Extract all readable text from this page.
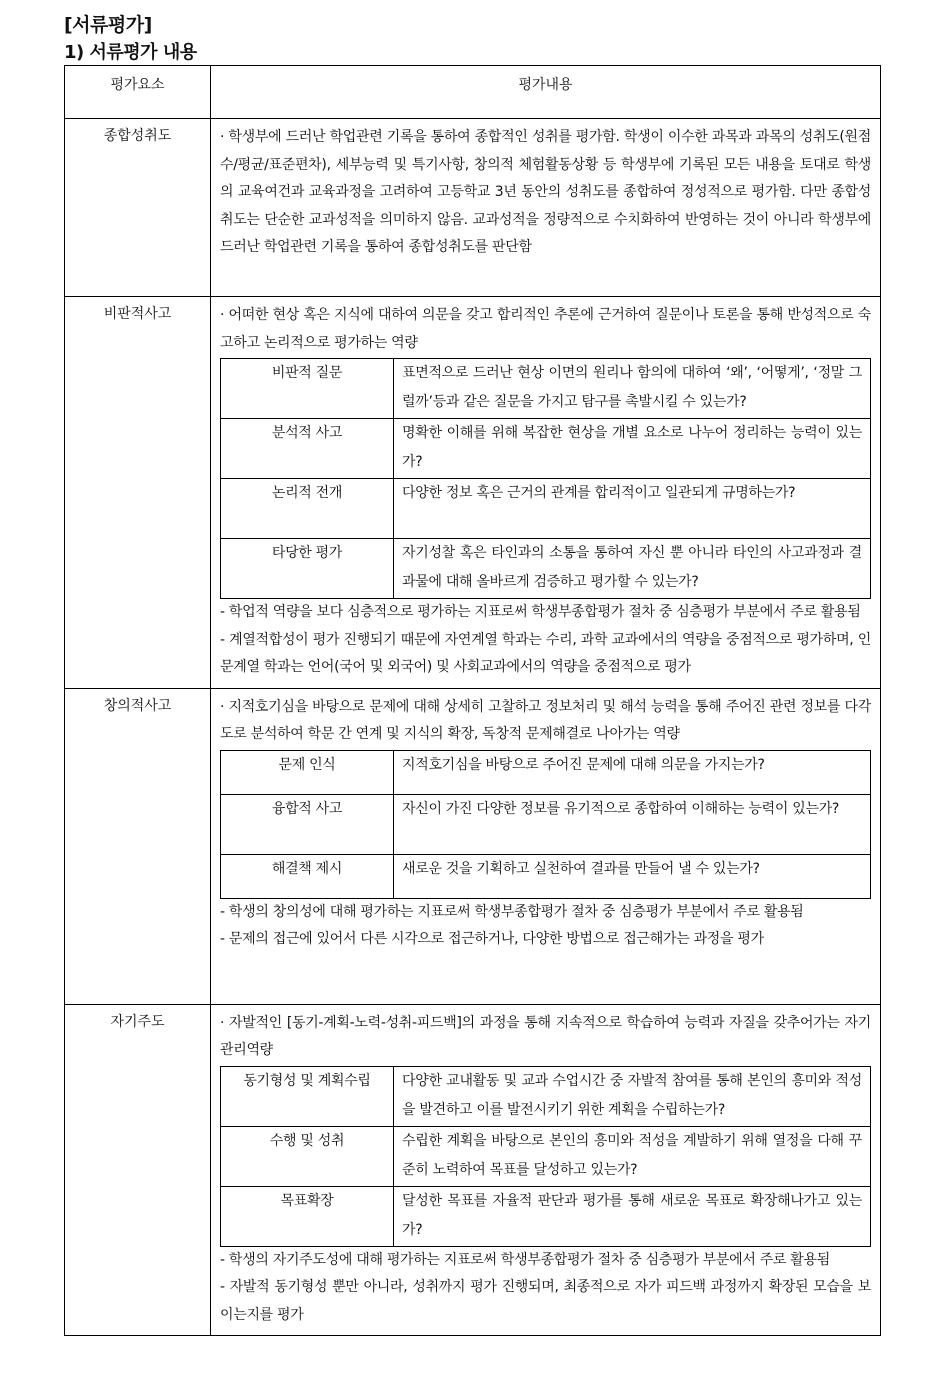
[서류평가]
1) 서류평가 내용
평가요소	평가내용
종합성취도	· 학생부에 드러난 학업관련 기록을 통하여 종합적인 성취를 평가함. 학생이 이수한 과목과 과목의 성취도(원점수/평균/표준편차), 세부능력 및 특기사항, 창의적 체험활동상황 등 학생부에 기록된 모든 내용을 토대로 학생의 교육여건과 교육과정을 고려하여 고등학교 3년 동안의 성취도를 종합하여 정성적으로 평가함. 다만 종합성취도는 단순한 교과성적을 의미하지 않음. 교과성적을 정량적으로 수치화하여 반영하는 것이 아니라 학생부에 드러난 학업관련 기록을 통하여 종합성취도를 판단함

비판적사고	· 어떠한 현상 혹은 지식에 대하여 의문을 갖고 합리적인 추론에 근거하여 질문이나 토론을 통해 반성적으로 숙고하고 논리적으로 평가하는 역량
비판적 질문	표면적으로 드러난 현상 이면의 원리나 함의에 대하여 ‘왜’, ‘어떻게’, ‘정말 그럴까’등과 같은 질문을 가지고 탐구를 촉발시킬 수 있는가?
분석적 사고	명확한 이해를 위해 복잡한 현상을 개별 요소로 나누어 정리하는 능력이 있는가?
논리적 전개	다양한 정보 혹은 근거의 관계를 합리적이고 일관되게 규명하는가?
타당한 평가	자기성찰 혹은 타인과의 소통을 통하여 자신 뿐 아니라 타인의 사고과정과 결과물에 대해 올바르게 검증하고 평가할 수 있는가?
- 학업적 역량을 보다 심층적으로 평가하는 지표로써 학생부종합평가 절차 중 심층평가 부분에서 주로 활용됨
- 계열적합성이 평가 진행되기 때문에 자연계열 학과는 수리, 과학 교과에서의 역량을 중점적으로 평가하며, 인문계열 학과는 언어(국어 및 외국어) 및 사회교과에서의 역량을 중점적으로 평가

창의적사고	· 지적호기심을 바탕으로 문제에 대해 상세히 고찰하고 정보처리 및 해석 능력을 통해 주어진 관련 정보를 다각도로 분석하여 학문 간 연계 및 지식의 확장, 독창적 문제해결로 나아가는 역량
문제 인식	지적호기심을 바탕으로 주어진 문제에 대해 의문을 가지는가?
융합적 사고	자신이 가진 다양한 정보를 유기적으로 종합하여 이해하는 능력이 있는가?
해결책 제시	새로운 것을 기획하고 실천하여 결과를 만들어 낼 수 있는가?
- 학생의 창의성에 대해 평가하는 지표로써 학생부종합평가 절차 중 심층평가 부분에서 주로 활용됨
- 문제의 접근에 있어서 다른 시각으로 접근하거나, 다양한 방법으로 접근해가는 과정을 평가

자기주도	· 자발적인 [동기-계획-노력-성취-피드백]의 과정을 통해 지속적으로 학습하여 능력과 자질을 갖추어가는 자기관리역량
동기형성 및 계획수립	다양한 교내활동 및 교과 수업시간 중 자발적 참여를 통해 본인의 흥미와 적성을 발견하고 이를 발전시키기 위한 계획을 수립하는가?
수행 및 성취	수립한 계획을 바탕으로 본인의 흥미와 적성을 계발하기 위해 열정을 다해 꾸준히 노력하여 목표를 달성하고 있는가?
목표확장	달성한 목표를 자율적 판단과 평가를 통해 새로운 목표로 확장해나가고 있는가?
- 학생의 자기주도성에 대해 평가하는 지표로써 학생부종합평가 절차 중 심층평가 부분에서 주로 활용됨
- 자발적 동기형성 뿐만 아니라, 성취까지 평가 진행되며, 최종적으로 자가 피드백 과정까지 확장된 모습을 보이는지를 평가
